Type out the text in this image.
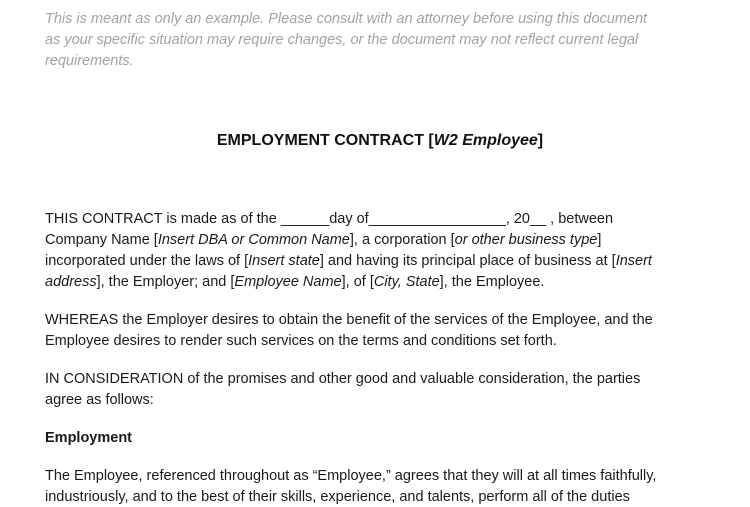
This is meant as only an example. Please consult with an attorney before using this document
as your specific situation may require changes, or the document may not reflect current legal
requirements.
EMPLOYMENT CONTRACT [W2 Employee]
THIS CONTRACT is made as of the ______day of_________________, 20__ , between
Company Name [Insert DBA or Common Name], a corporation [or other business type]
incorporated under the laws of [Insert state] and having its principal place of business at [Insert
address], the Employer; and [Employee Name], of [City, State], the Employee.
WHEREAS the Employer desires to obtain the benefit of the services of the Employee, and the
Employee desires to render such services on the terms and conditions set forth.
IN CONSIDERATION of the promises and other good and valuable consideration, the parties
agree as follows:
Employment
The Employee, referenced throughout as “Employee,” agrees that they will at all times faithfully,
industriously, and to the best of their skills, experience, and talents, perform all of the duties
